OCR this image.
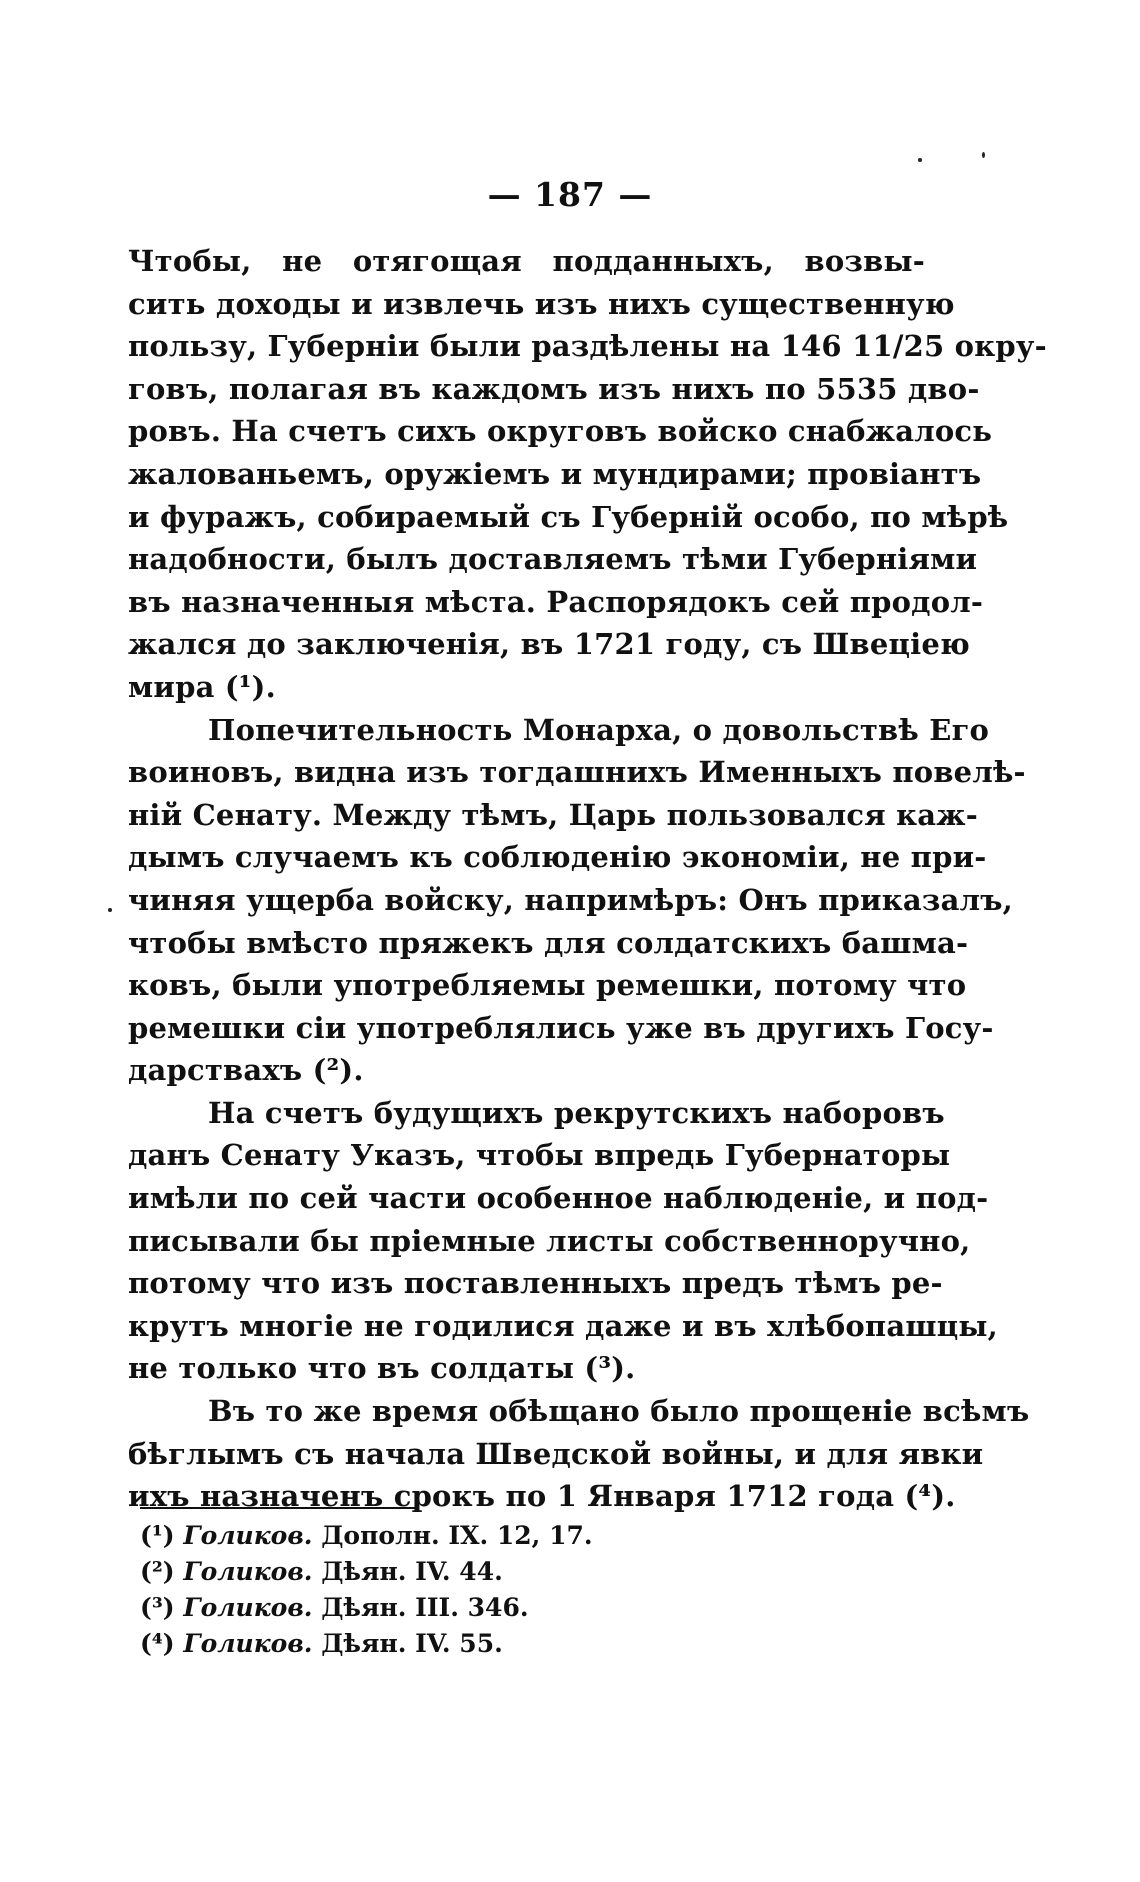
— 187 —
Чтобы, не отягощая подданныхъ, возвы-
сить доходы и извлечь изъ нихъ существенную
пользу, Губерніи были раздѣлены на 146 11/25 окру-
говъ, полагая въ каждомъ изъ нихъ по 5535 дво-
ровъ. На счетъ сихъ округовъ войско снабжалось
жалованьемъ, оружіемъ и мундирами; провіантъ
и фуражъ, собираемый съ Губерній особо, по мѣрѣ
надобности, былъ доставляемъ тѣми Губерніями
въ назначенныя мѣста. Распорядокъ сей продол-
жался до заключенія, въ 1721 году, съ Швеціею
мира (¹).
Попечительность Монарха, о довольствѣ Его
воиновъ, видна изъ тогдашнихъ Именныхъ повелѣ-
ній Сенату. Между тѣмъ, Царь пользовался каж-
дымъ случаемъ къ соблюденію экономіи, не при-
чиняя ущерба войску, напримѣръ: Онъ приказалъ,
чтобы вмѣсто пряжекъ для солдатскихъ башма-
ковъ, были употребляемы ремешки, потому что
ремешки сіи употреблялись уже въ другихъ Госу-
дарствахъ (²).
На счетъ будущихъ рекрутскихъ наборовъ
данъ Сенату Указъ, чтобы впредь Губернаторы
имѣли по сей части особенное наблюденіе, и под-
писывали бы пріемные листы собственноручно,
потому что изъ поставленныхъ предъ тѣмъ ре-
крутъ многіе не годилися даже и въ хлѣбопашцы,
не только что въ солдаты (³).
Въ то же время обѣщано было прощеніе всѣмъ
бѣглымъ съ начала Шведской войны, и для явки
ихъ назначенъ срокъ по 1 Января 1712 года (⁴).
(¹) Голиков. Дополн. IX. 12, 17.
(²) Голиков. Дѣян. IV. 44.
(³) Голиков. Дѣян. III. 346.
(⁴) Голиков. Дѣян. IV. 55.
